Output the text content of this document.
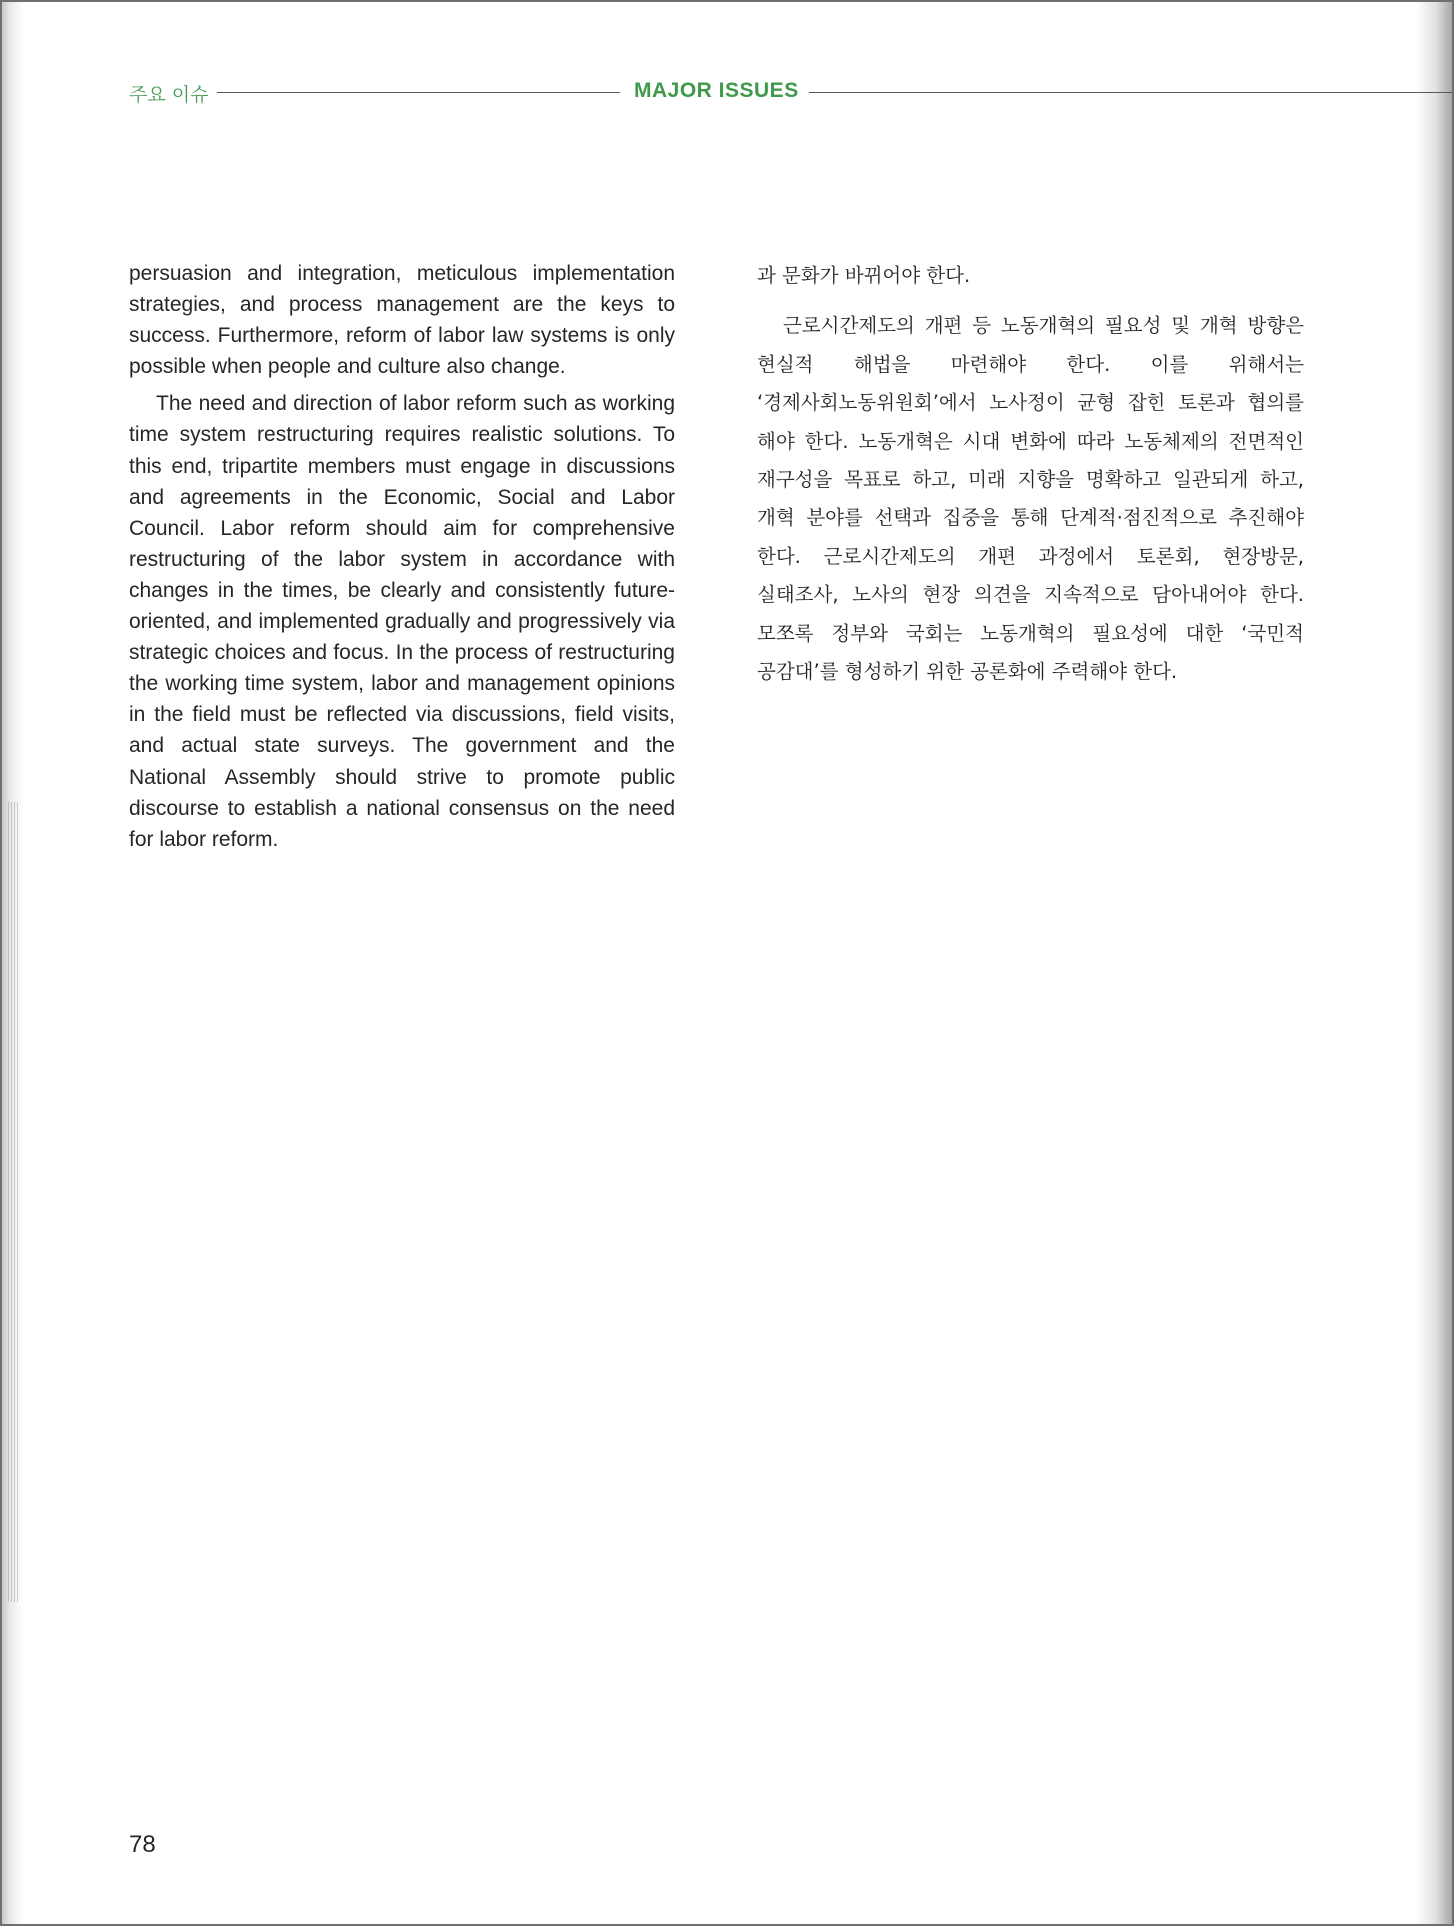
주요 이슈	MAJOR ISSUES

persuasion and integration, meticulous implementation strategies, and process management are the keys to success. Furthermore, reform of labor law systems is only possible when people and culture also change.

The need and direction of labor reform such as working time system restructuring requires realistic solutions. To this end, tripartite members must engage in discussions and agreements in the Economic, Social and Labor Council. Labor reform should aim for comprehensive restructuring of the labor system in accordance with changes in the times, be clearly and consistently future-oriented, and implemented gradually and progressively via strategic choices and focus. In the process of restructuring the working time system, labor and management opinions in the field must be reflected via discussions, field visits, and actual state surveys. The government and the National Assembly should strive to promote public discourse to establish a national consensus on the need for labor reform.

과 문화가 바뀌어야 한다.

근로시간제도의 개편 등 노동개혁의 필요성 및 개혁 방향은 현실적 해법을 마련해야 한다. 이를 위해서는 ‘경제사회노동위원회’에서 노사정이 균형 잡힌 토론과 협의를 해야 한다. 노동개혁은 시대 변화에 따라 노동체제의 전면적인 재구성을 목표로 하고, 미래 지향을 명확하고 일관되게 하고, 개혁 분야를 선택과 집중을 통해 단계적·점진적으로 추진해야 한다. 근로시간제도의 개편 과정에서 토론회, 현장방문, 실태조사, 노사의 현장 의견을 지속적으로 담아내어야 한다. 모쪼록 정부와 국회는 노동개혁의 필요성에 대한 ‘국민적 공감대’를 형성하기 위한 공론화에 주력해야 한다.

78
